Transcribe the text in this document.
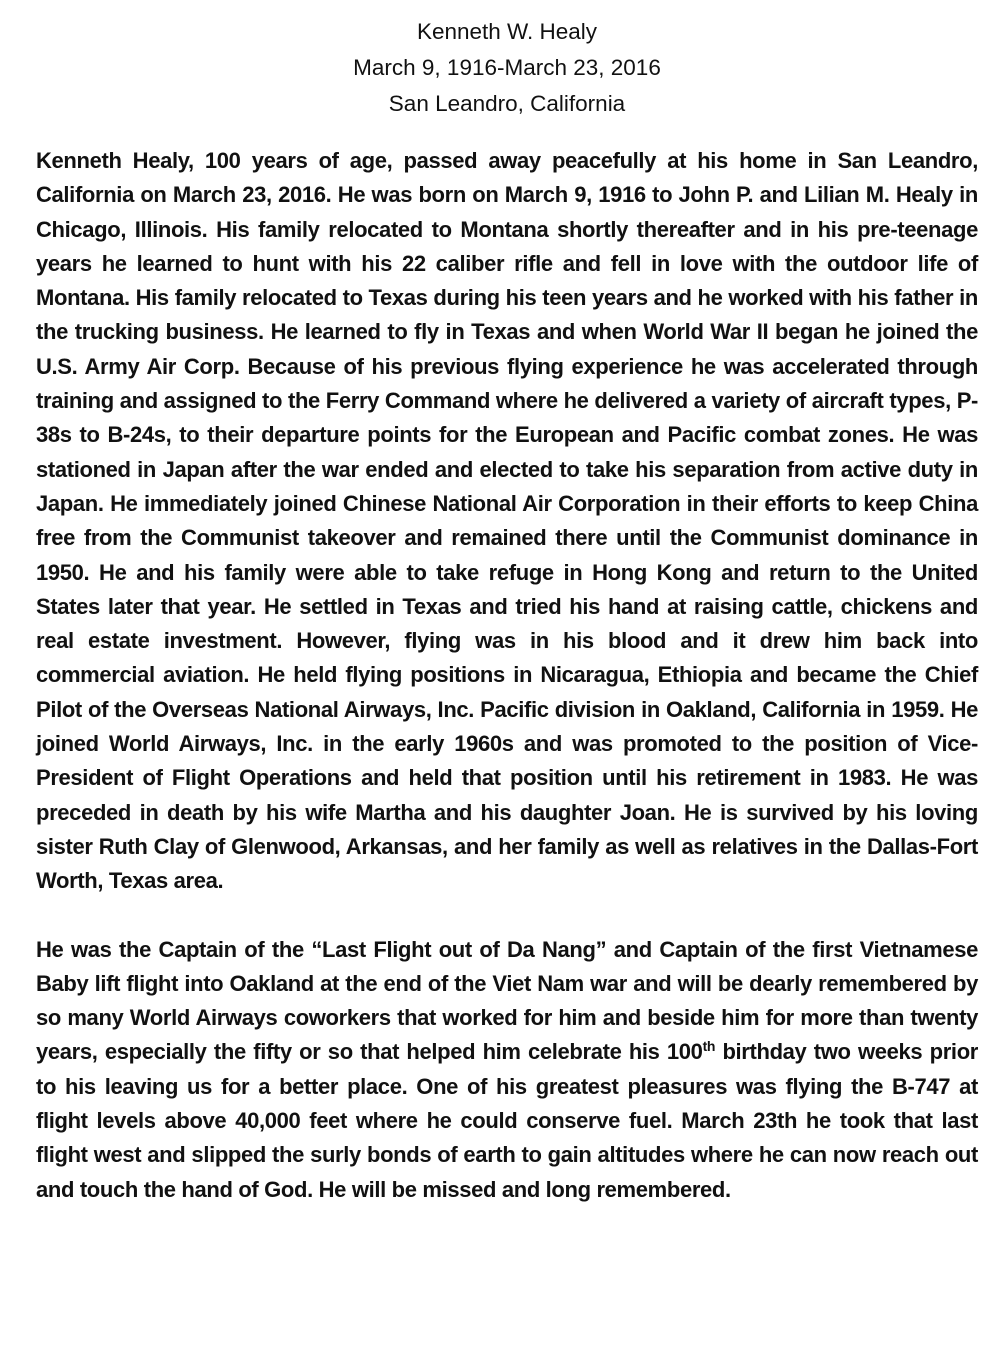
Kenneth W. Healy
March 9, 1916-March 23, 2016
San Leandro, California

Kenneth Healy, 100 years of age, passed away peacefully at his home in San Leandro, California on March 23, 2016. He was born on March 9, 1916 to John P. and Lilian M. Healy in Chicago, Illinois. His family relocated to Montana shortly thereafter and in his pre-teenage years he learned to hunt with his 22 caliber rifle and fell in love with the outdoor life of Montana. His family relocated to Texas during his teen years and he worked with his father in the trucking business. He learned to fly in Texas and when World War II began he joined the U.S. Army Air Corp. Because of his previous flying experience he was accelerated through training and assigned to the Ferry Command where he delivered a variety of aircraft types, P-38s to B-24s, to their departure points for the European and Pacific combat zones. He was stationed in Japan after the war ended and elected to take his separation from active duty in Japan. He immediately joined Chinese National Air Corporation in their efforts to keep China free from the Communist takeover and remained there until the Communist dominance in 1950. He and his family were able to take refuge in Hong Kong and return to the United States later that year. He settled in Texas and tried his hand at raising cattle, chickens and real estate investment. However, flying was in his blood and it drew him back into commercial aviation. He held flying positions in Nicaragua, Ethiopia and became the Chief Pilot of the Overseas National Airways, Inc. Pacific division in Oakland, California in 1959. He joined World Airways, Inc. in the early 1960s and was promoted to the position of Vice-President of Flight Operations and held that position until his retirement in 1983. He was preceded in death by his wife Martha and his daughter Joan. He is survived by his loving sister Ruth Clay of Glenwood, Arkansas, and her family as well as relatives in the Dallas-Fort Worth, Texas area.

He was the Captain of the “Last Flight out of Da Nang” and Captain of the first Vietnamese Baby lift flight into Oakland at the end of the Viet Nam war and will be dearly remembered by so many World Airways coworkers that worked for him and beside him for more than twenty years, especially the fifty or so that helped him celebrate his 100th birthday two weeks prior to his leaving us for a better place. One of his greatest pleasures was flying the B-747 at flight levels above 40,000 feet where he could conserve fuel. March 23th he took that last flight west and slipped the surly bonds of earth to gain altitudes where he can now reach out and touch the hand of God. He will be missed and long remembered.
